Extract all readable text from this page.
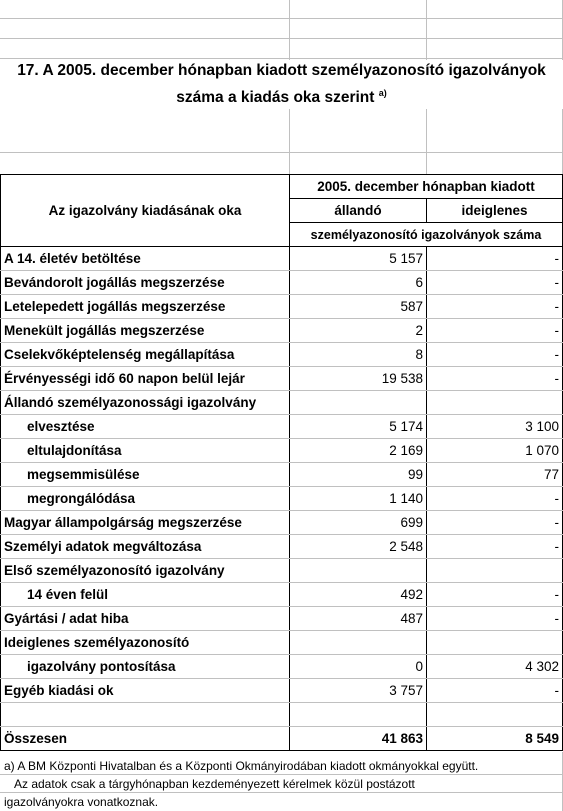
17. A 2005. december hónapban kiadott személyazonosító igazolványok
száma a kiadás oka szerint $^{a)}$
Az igazolvány kiadásának oka	2005. december hónapban kiadott	
	állandó	ideiglenes
	személyazonosító igazolványok száma	
A 14. életév betöltése	5 157	-
Bevándorolt jogállás megszerzése	6	-
Letelepedett jogállás megszerzése	587	-
Menekült jogállás megszerzése	2	-
Cselekvőképtelenség megállapítása	8	-
Érvényességi idő 60 napon belül lejár	19 538	-
Állandó személyazonossági igazolvány		
elvesztése	5 174	3 100
eltulajdonítása	2 169	1 070
megsemmisülése	99	77
megrongálódása	1 140	-
Magyar állampolgárság megszerzése	699	-
Személyi adatok megváltozása	2 548	-
Első személyazonosító igazolvány		
14 éven felül	492	-
Gyártási / adat hiba	487	-
Ideiglenes személyazonosító		
igazolvány pontosítása	0	4 302
Egyéb kiadási ok	3 757	-

Összesen	41 863	8 549
a) A BM Központi Hivatalban és a Központi Okmányirodában kiadott okmányokkal együtt.
Az adatok csak a tárgyhónapban kezdeményezett kérelmek közül postázott
igazolványokra vonatkoznak.
